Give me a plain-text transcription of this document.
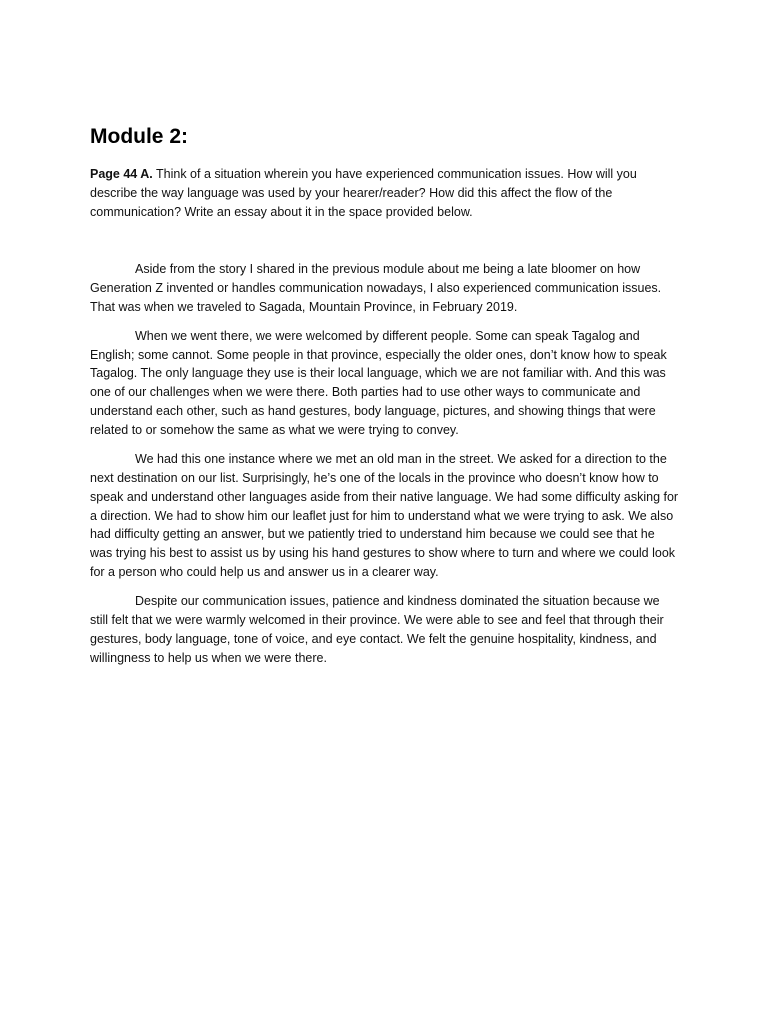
Module 2:

Page 44 A. Think of a situation wherein you have experienced communication issues. How will you describe the way language was used by your hearer/reader? How did this affect the flow of the communication? Write an essay about it in the space provided below.

Aside from the story I shared in the previous module about me being a late bloomer on how Generation Z invented or handles communication nowadays, I also experienced communication issues. That was when we traveled to Sagada, Mountain Province, in February 2019.

When we went there, we were welcomed by different people. Some can speak Tagalog and English; some cannot. Some people in that province, especially the older ones, don’t know how to speak Tagalog. The only language they use is their local language, which we are not familiar with. And this was one of our challenges when we were there. Both parties had to use other ways to communicate and understand each other, such as hand gestures, body language, pictures, and showing things that were related to or somehow the same as what we were trying to convey.

We had this one instance where we met an old man in the street. We asked for a direction to the next destination on our list. Surprisingly, he’s one of the locals in the province who doesn’t know how to speak and understand other languages aside from their native language. We had some difficulty asking for a direction. We had to show him our leaflet just for him to understand what we were trying to ask. We also had difficulty getting an answer, but we patiently tried to understand him because we could see that he was trying his best to assist us by using his hand gestures to show where to turn and where we could look for a person who could help us and answer us in a clearer way.

Despite our communication issues, patience and kindness dominated the situation because we still felt that we were warmly welcomed in their province. We were able to see and feel that through their gestures, body language, tone of voice, and eye contact. We felt the genuine hospitality, kindness, and willingness to help us when we were there.
